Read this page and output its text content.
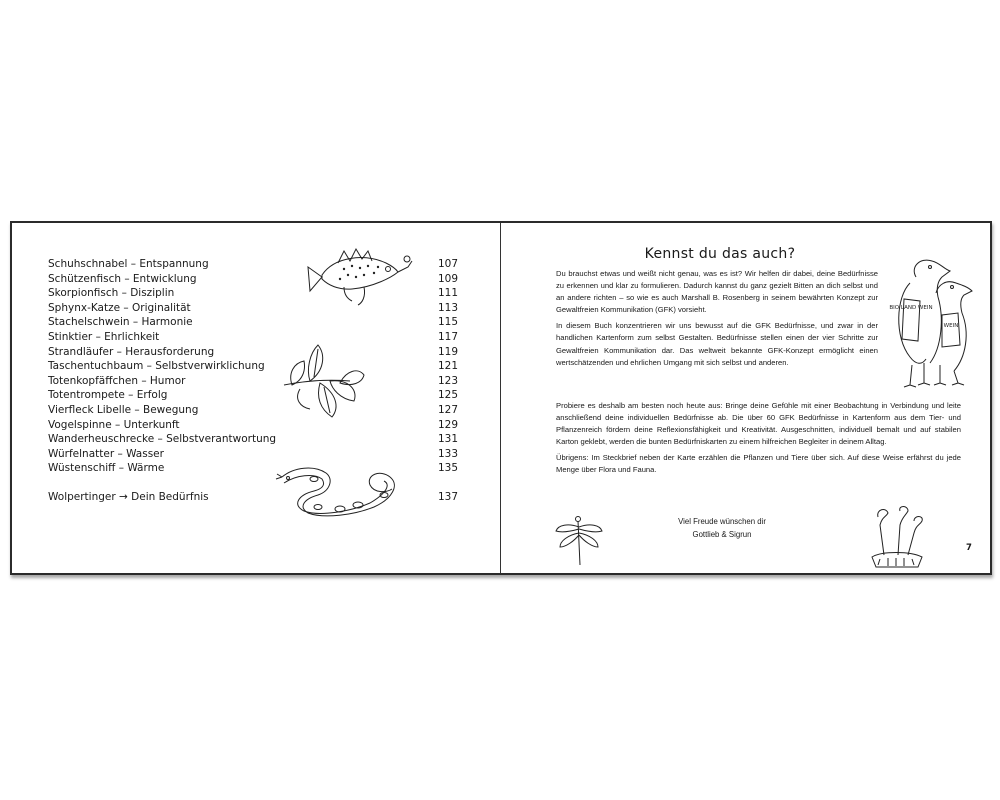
Schuhschnabel – Entspannung	107
Schützenfisch – Entwicklung	109
Skorpionfisch – Disziplin	111
Sphynx-Katze – Originalität	113
Stachelschwein – Harmonie	115
Stinktier – Ehrlichkeit	117
Strandläufer – Herausforderung	119
Taschentuchbaum – Selbstverwirklichung	121
Totenkopfäffchen – Humor	123
Totentrompete – Erfolg	125
Vierfleck Libelle – Bewegung	127
Vogelspinne – Unterkunft	129
Wanderheuschrecke – Selbstverantwortung	131
Würfelnatter – Wasser	133
Wüstenschiff – Wärme	135
Wolpertinger → Dein Bedürfnis	137
Kennst du das auch?

Du brauchst etwas und weißt nicht genau, was es ist? Wir helfen dir dabei, deine Bedürfnisse zu erkennen und klar zu formulieren. Dadurch kannst du ganz gezielt Bitten an dich selbst und an andere richten – so wie es auch Marshall B. Rosenberg in seinem bewährten Konzept zur Gewaltfreien Kommunikation (GFK) vorsieht.

In diesem Buch konzentrieren wir uns bewusst auf die GFK Bedürfnisse, und zwar in der handlichen Kartenform zum selbst Gestalten. Bedürfnisse stellen einen der vier Schritte zur Gewaltfreien Kommunikation dar. Das weltweit bekannte GFK-Konzept ermöglicht einen wertschätzenden und ehrlichen Umgang mit sich selbst und anderen.

Probiere es deshalb am besten noch heute aus: Bringe deine Gefühle mit einer Beobachtung in Verbindung und leite anschließend deine individuellen Bedürfnisse ab. Die über 60 GFK Bedürfnisse in Kartenform aus dem Tier- und Pflanzenreich fördern deine Reflexionsfähigkeit und Kreativität. Ausgeschnitten, individuell bemalt und auf stabilen Karton geklebt, werden die bunten Bedürfniskarten zu einem hilfreichen Begleiter in deinem Alltag.

Übrigens: Im Steckbrief neben der Karte erzählen die Pflanzen und Tiere über sich. Auf diese Weise erfährst du jede Menge über Flora und Fauna.

BIO LAND WEIN
WEIN
Viel Freude wünschen dir
Gottlieb & Sigrun
7
